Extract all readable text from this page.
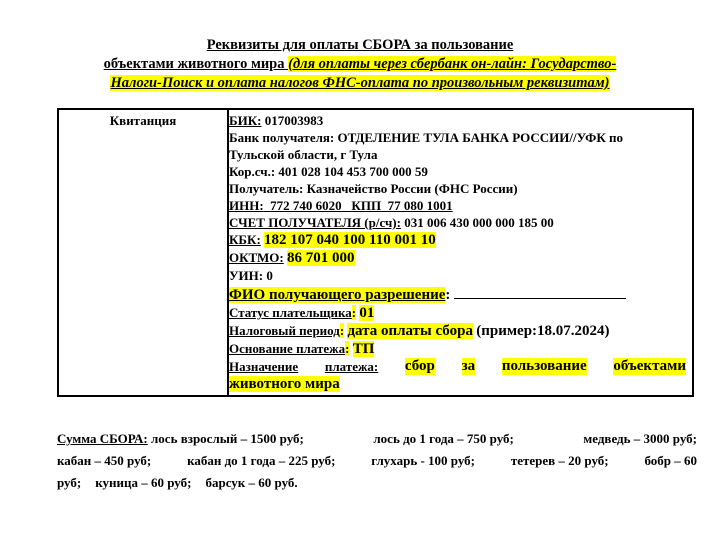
Реквизиты для оплаты СБОРА за пользование
объектами животного мира (для оплаты через сбербанк он-лайн: Государство-
Налоги-Поиск и оплата налогов ФНС-оплата по произвольным реквизитам)
Квитанция	БИК: 017003983
Банк получателя: ОТДЕЛЕНИЕ ТУЛА БАНКА РОССИИ//УФК по
Тульской области, г Тула
Кор.сч.: 401 028 104 453 700 000 59
Получатель: Казначейство России (ФНС России)
ИНН: 772 740 6020 КПП 77 080 1001
СЧЕТ ПОЛУЧАТЕЛЯ (р/сч): 031 006 430 000 000 185 00
КБК: 182 107 040 100 110 001 10
ОКТМО: 86 701 000
УИН: 0
ФИО получающего разрешение:
Статус плательщика: 01
Налоговый период: дата оплаты сбора (пример:18.07.2024)
Основание платежа: ТП
Назначение платежа: сбор за пользование объектами
животного мира

Сумма СБОРА: лось взрослый – 1500 руб;	лось до 1 года – 750 руб;	медведь – 3000 руб;

кабан – 450 руб;	кабан до 1 года – 225 руб;	глухарь - 100 руб;	тетерев – 20 руб;	бобр – 60

руб; куница – 60 руб; барсук – 60 руб.
